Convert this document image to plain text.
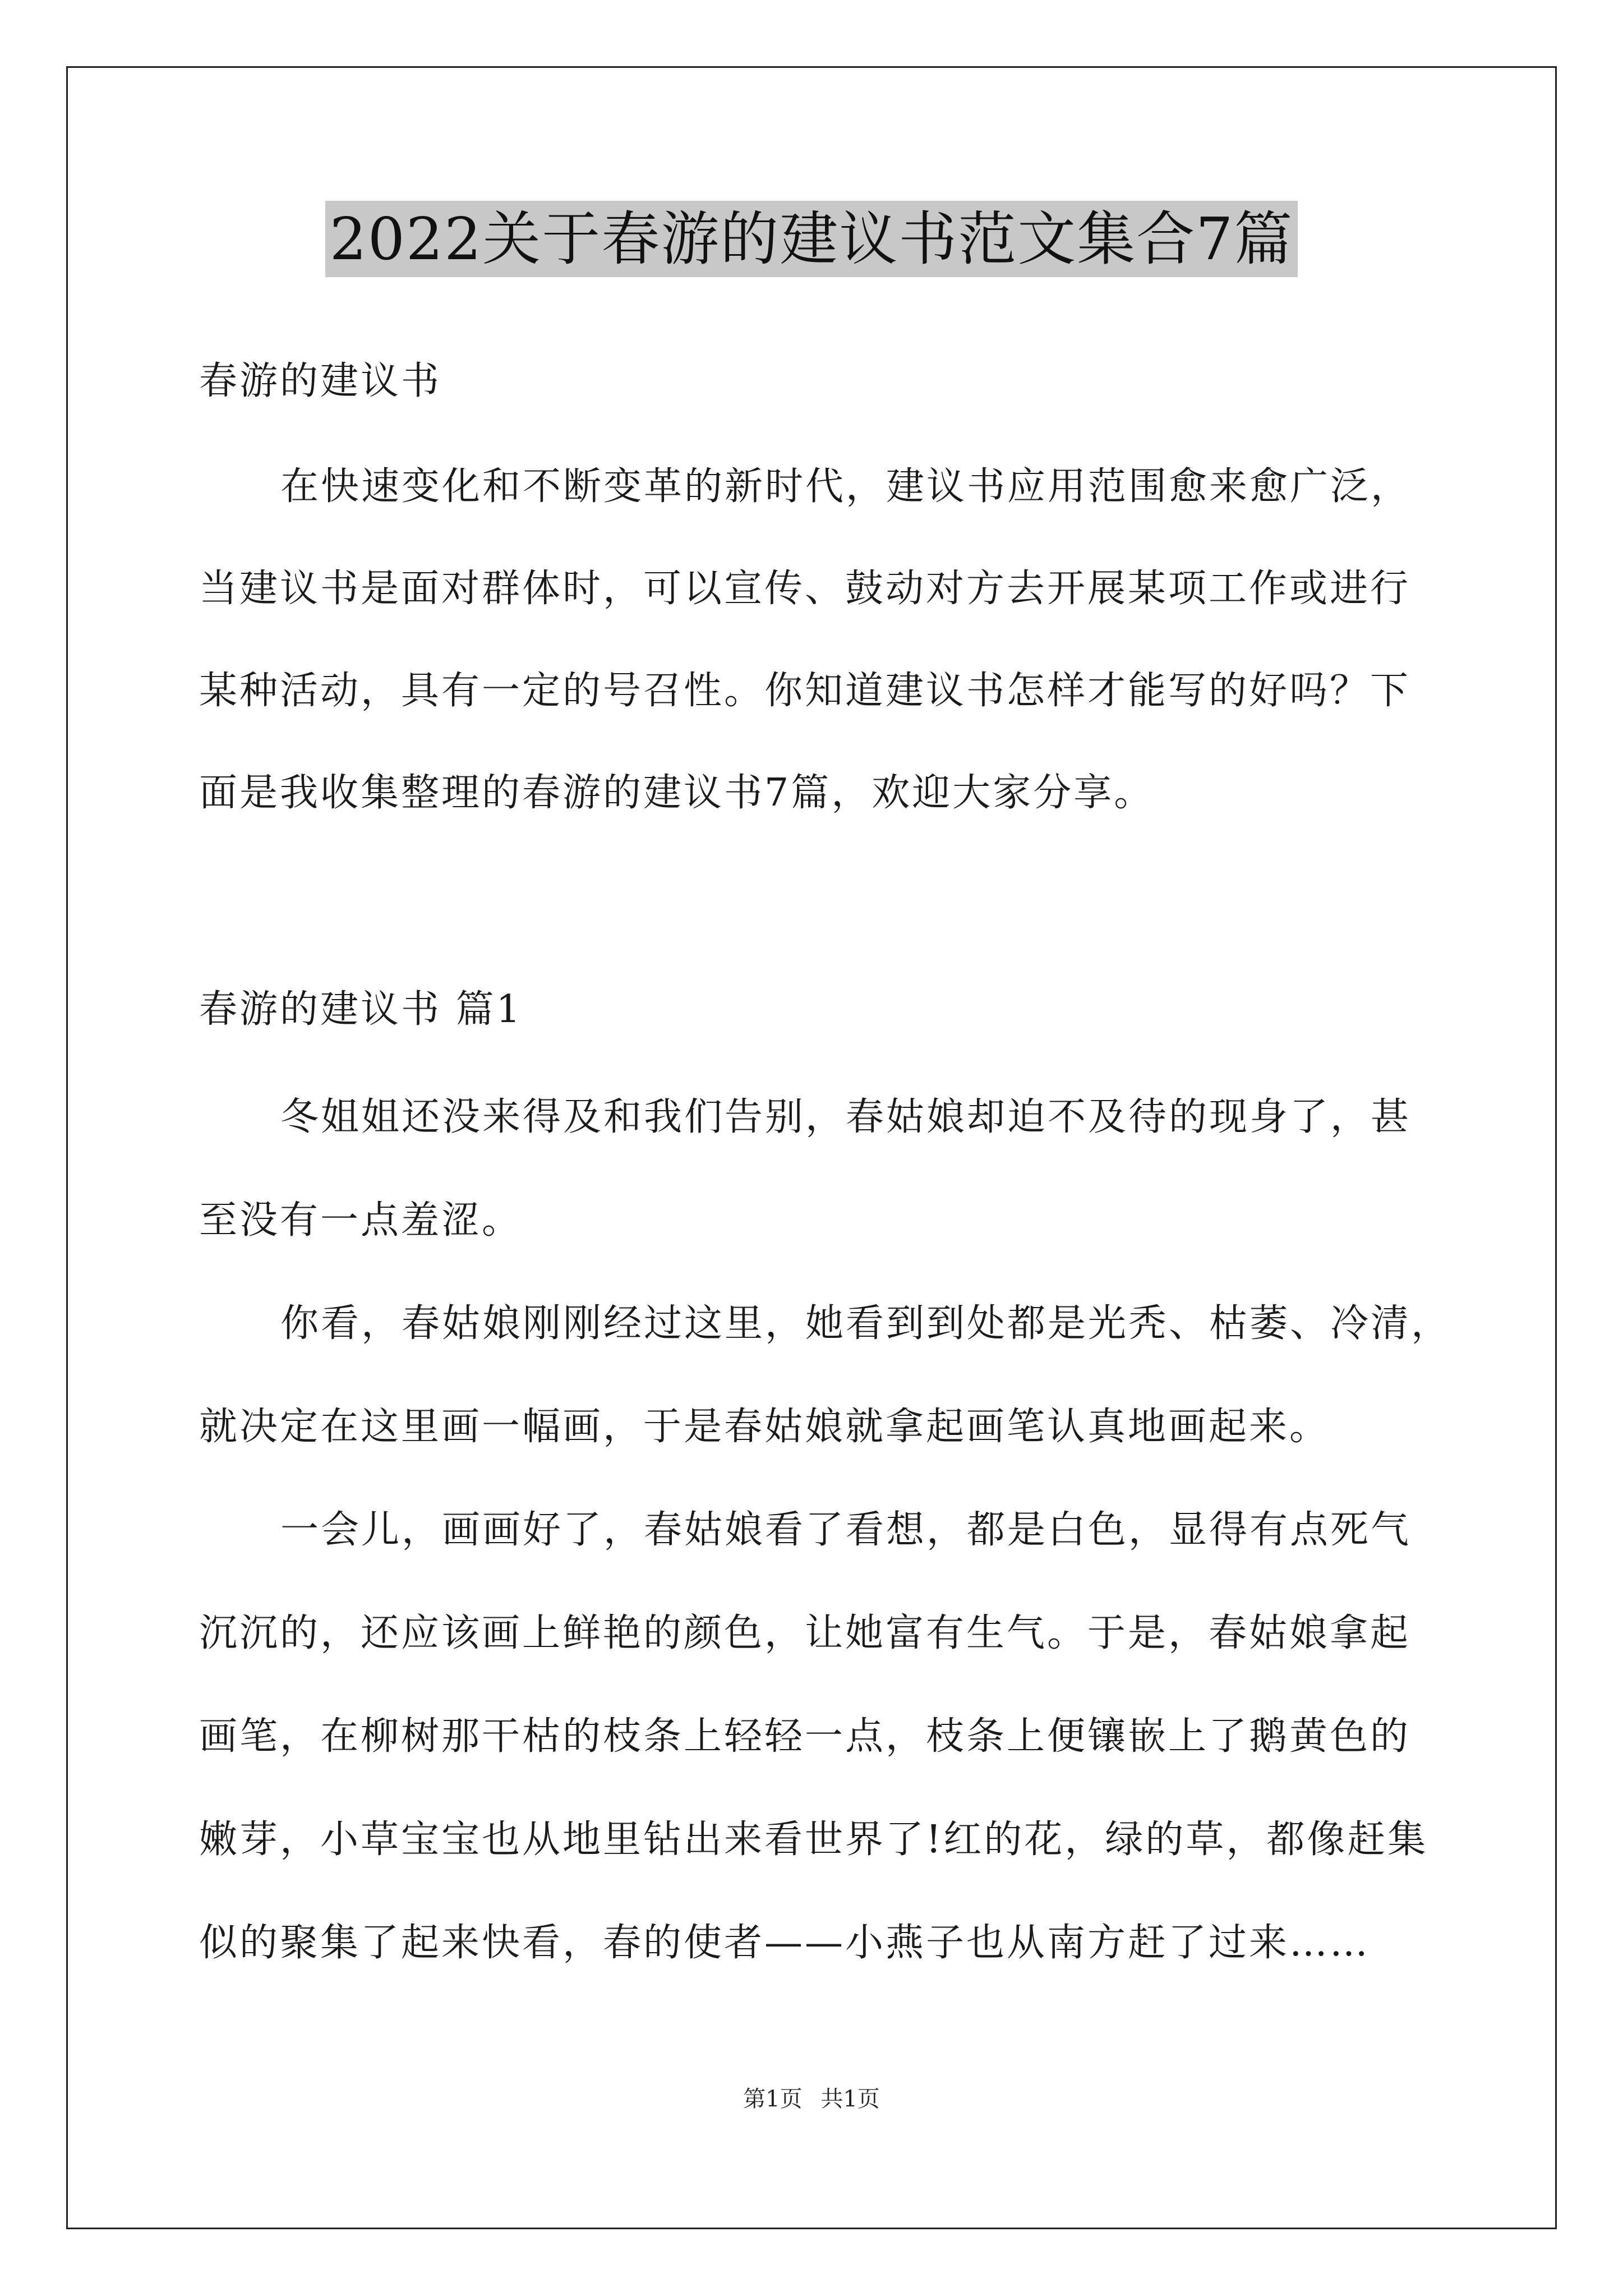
2022关于春游的建议书范文集合7篇
春游的建议书
在快速变化和不断变革的新时代，建议书应用范围愈来愈广泛，
当建议书是面对群体时，可以宣传、鼓动对方去开展某项工作或进行
某种活动，具有一定的号召性。你知道建议书怎样才能写的好吗？下
面是我收集整理的春游的建议书7篇，欢迎大家分享。
春游的建议书 篇1
冬姐姐还没来得及和我们告别，春姑娘却迫不及待的现身了，甚
至没有一点羞涩。
你看，春姑娘刚刚经过这里，她看到到处都是光秃、枯萎、冷清，
就决定在这里画一幅画，于是春姑娘就拿起画笔认真地画起来。
一会儿，画画好了，春姑娘看了看想，都是白色，显得有点死气
沉沉的，还应该画上鲜艳的颜色，让她富有生气。于是，春姑娘拿起
画笔，在柳树那干枯的枝条上轻轻一点，枝条上便镶嵌上了鹅黄色的
嫩芽，小草宝宝也从地里钻出来看世界了!红的花，绿的草，都像赶集
似的聚集了起来快看，春的使者——小燕子也从南方赶了过来……
第1页 共1页
